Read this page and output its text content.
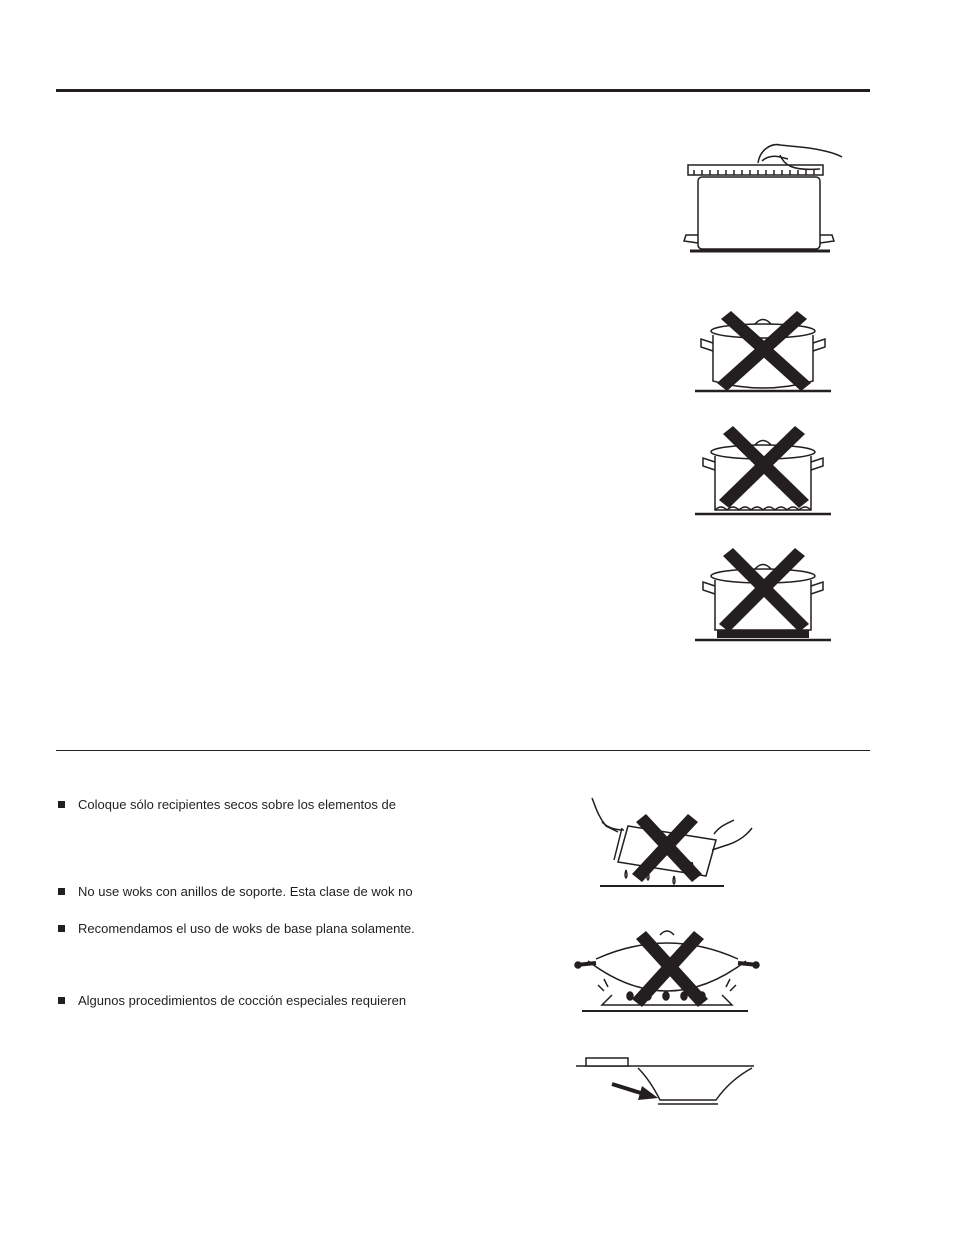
Coloque sólo recipientes secos sobre los elementos de
No use woks con anillos de soporte. Esta clase de wok no
Recomendamos el uso de woks de base plana solamente.
Algunos procedimientos de cocción especiales requieren
